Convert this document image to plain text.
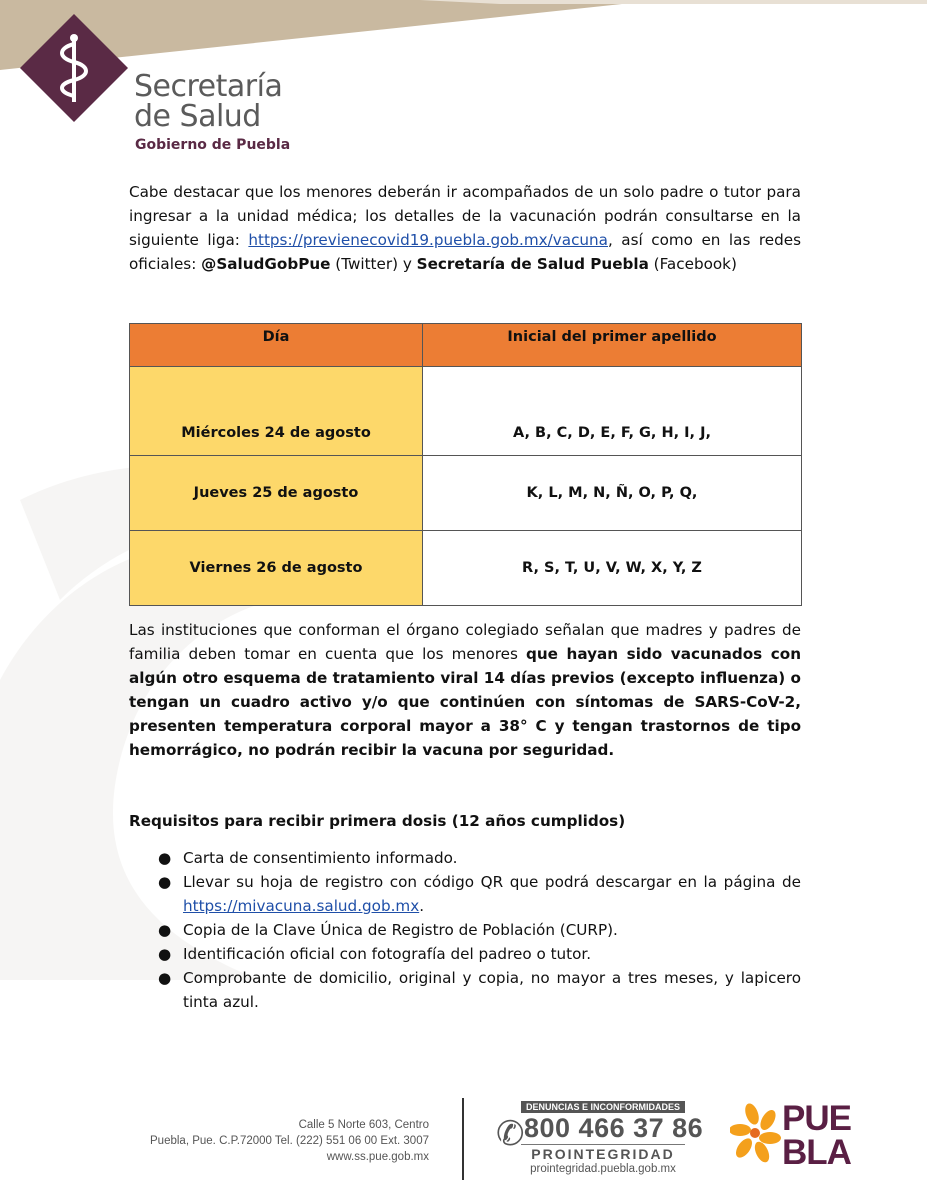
Secretaría
de Salud
Gobierno de Puebla
Cabe destacar que los menores deberán ir acompañados de un solo padre o tutor para ingresar a la unidad médica; los detalles de la vacunación podrán consultarse en la siguiente liga: https://previenecovid19.puebla.gob.mx/vacuna, así como en las redes oficiales: @SaludGobPue (Twitter) y Secretaría de Salud Puebla (Facebook)
Día	Inicial del primer apellido
Miércoles 24 de agosto	A, B, C, D, E, F, G, H, I, J,
Jueves 25 de agosto	K, L, M, N, Ñ, O, P, Q,
Viernes 26 de agosto	R, S, T, U, V, W, X, Y, Z
Las instituciones que conforman el órgano colegiado señalan que madres y padres de familia deben tomar en cuenta que los menores que hayan sido vacunados con algún otro esquema de tratamiento viral 14 días previos (excepto influenza) o tengan un cuadro activo y/o que continúen con síntomas de SARS-CoV-2, presenten temperatura corporal mayor a 38° C y tengan trastornos de tipo hemorrágico, no podrán recibir la vacuna por seguridad.
Requisitos para recibir primera dosis (12 años cumplidos)
● Carta de consentimiento informado.
● Llevar su hoja de registro con código QR que podrá descargar en la página de https://mivacuna.salud.gob.mx.
● Copia de la Clave Única de Registro de Población (CURP).
● Identificación oficial con fotografía del padreo o tutor.
● Comprobante de domicilio, original y copia, no mayor a tres meses, y lapicero tinta azul.
Calle 5 Norte 603, Centro
Puebla, Pue. C.P.72000 Tel. (222) 551 06 00 Ext. 3007
www.ss.pue.gob.mx
DENUNCIAS E INCONFORMIDADES
✆ 800 466 37 86
PROINTEGRIDAD
prointegridad.puebla.gob.mx
PUE
BLA
